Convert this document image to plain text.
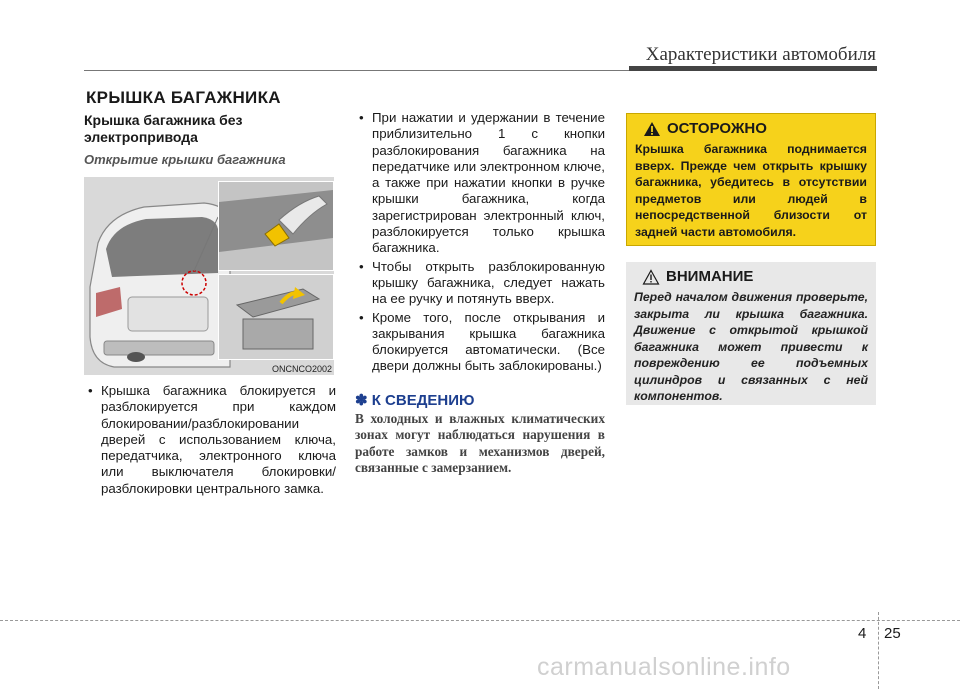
Характеристики автомобиля
КРЫШКА БАГАЖНИКА

Крышка багажника без электропривода

Открытие крышки багажника

ONCNCO2002
• Крышка багажника блокируется и разблокируется при каждом блокировании/разблокировании дверей с использованием ключа, передатчика, электронного ключа или выключателя блокировки/разблокировки центрального замка.
• При нажатии и удержании в течение приблизительно 1 с кнопки разблокирования багажника на передатчике или электронном ключе, а также при нажатии кнопки в ручке крышки багажника, когда зарегистрирован электронный ключ, разблокируется только крышка багажника.
• Чтобы открыть разблокированную крышку багажника, следует нажать на ее ручку и потянуть вверх.
• Кроме того, после открывания и закрывания крышка багажника блокируется автоматически. (Все двери должны быть заблокированы.)
✽ К СВЕДЕНИЮ

В холодных и влажных климатических зонах могут наблюдаться нарушения в работе замков и механизмов дверей, связанные с замерзанием.

ОСТОРОЖНО

Крышка багажника поднимается вверх. Прежде чем открыть крышку багажника, убедитесь в отсутствии предметов или людей в непосредственной близости от задней части автомобиля.

ВНИМАНИЕ

Перед началом движения проверьте, закрыта ли крышка багажника. Движение с открытой крышкой багажника может привести к повреждению ее подъемных цилиндров и связанных с ней компонентов.

4 25
carmanualsonline.info
